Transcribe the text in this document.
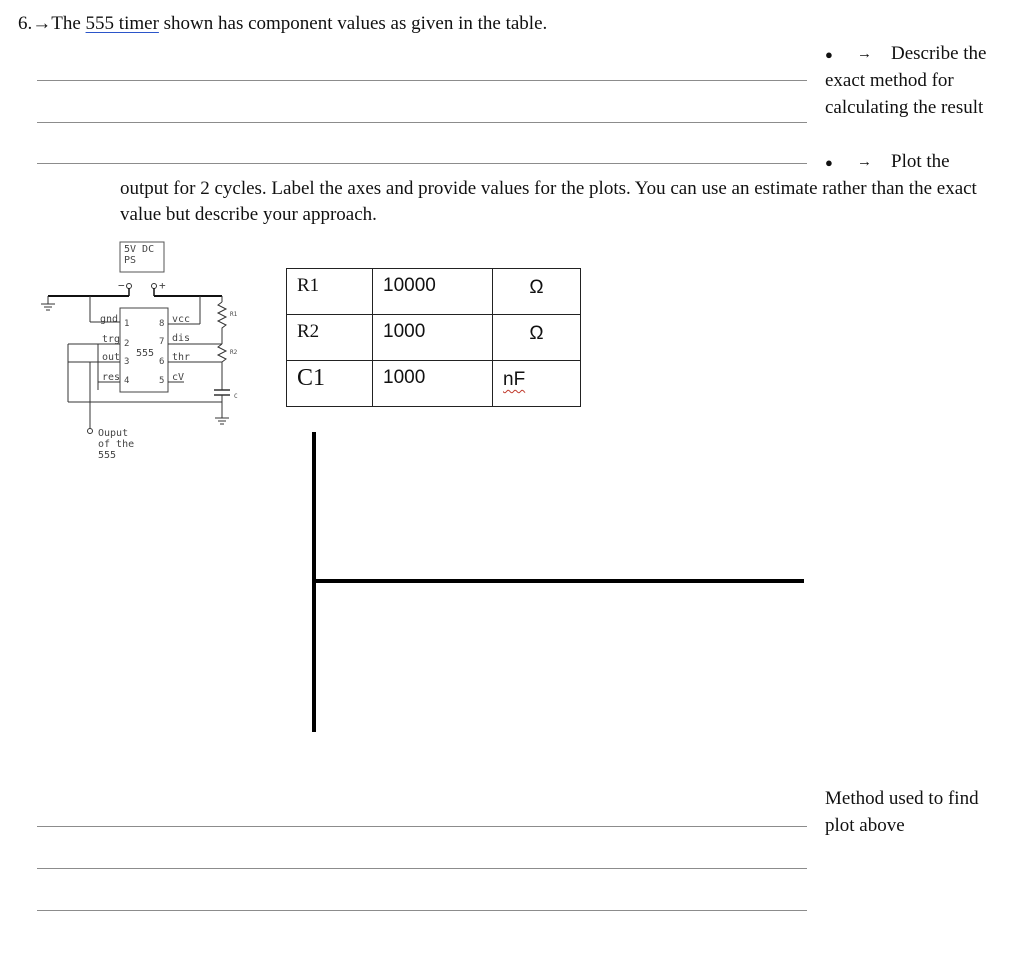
6.→The 555 timer shown has component values as given in the table.
● → Describe the
exact method for
calculating the result
● → Plot the
output for 2 cycles. Label the axes and provide values for the plots. You can use an estimate rather than the exact value but describe your approach.
5V DC
PS
−	+
555
gnd 1
trg 2
out 3
res 4
8 vcc
7 dis
6 thr
5 cV
R1
R2
C
Ouput
of the
555
R1	10000	Ω
R2	1000	Ω
C1	1000	nF
Method used to find
plot above
